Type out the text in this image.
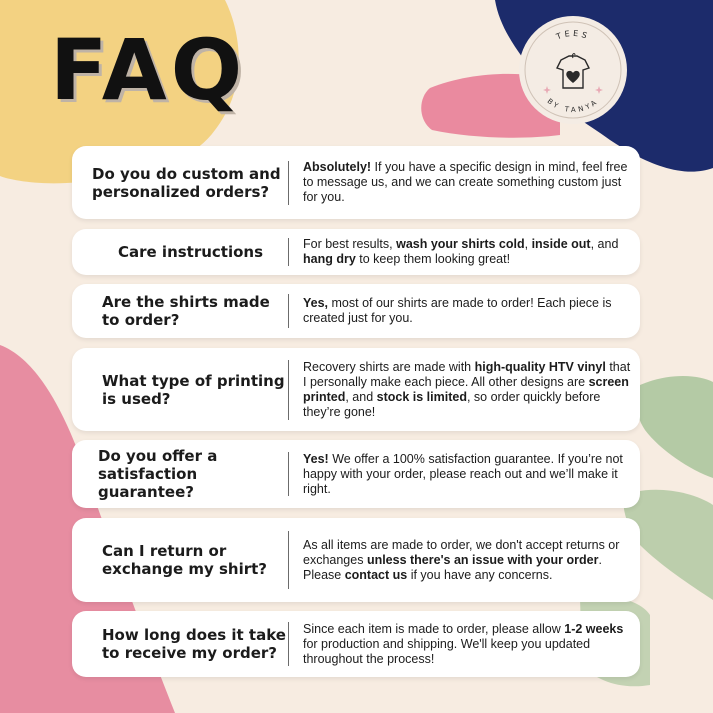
FAQ	TEES
BY TANYA
Do you do custom and personalized orders?
Absolutely! If you have a specific design in mind, feel free to message us, and we can create something custom just for you.
Care instructions	For best results, wash your shirts cold, inside out, and hang dry to keep them looking great!
Are the shirts made to order?
Yes, most of our shirts are made to order! Each piece is created just for you.
What type of printing is used?
Recovery shirts are made with high-quality HTV vinyl that I personally make each piece. All other designs are screen printed, and stock is limited, so order quickly before they’re gone!
Do you offer a satisfaction guarantee?
Yes! We offer a 100% satisfaction guarantee. If you’re not happy with your order, please reach out and we’ll make it right.
Can I return or exchange my shirt?
As all items are made to order, we don't accept returns or exchanges unless there's an issue with your order. Please contact us if you have any concerns.
How long does it take to receive my order?
Since each item is made to order, please allow 1-2 weeks for production and shipping. We'll keep you updated throughout the process!
